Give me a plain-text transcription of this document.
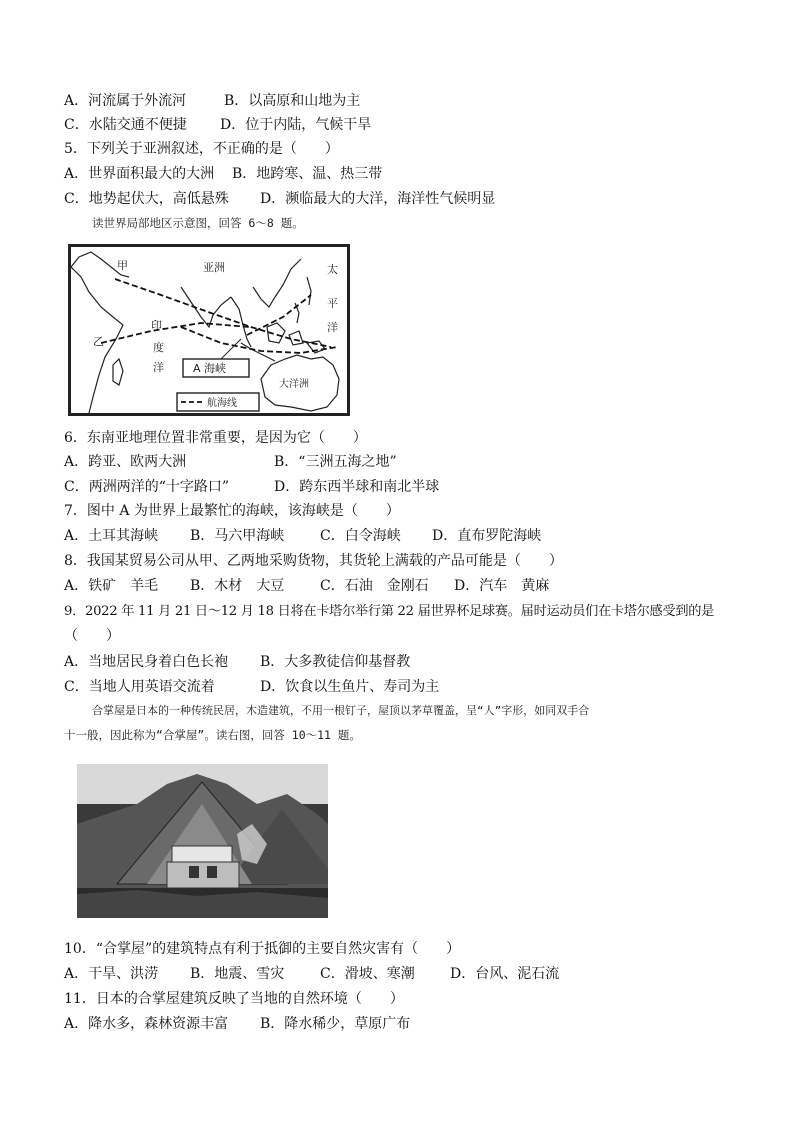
A．河流属于外流河	B．以高原和山地为主
C．水陆交通不便捷	D．位于内陆，气候干旱
5．下列关于亚洲叙述，不正确的是（　　）
A．世界面积最大的大洲	B．地跨寒、温、热三带
C．地势起伏大，高低悬殊	D．濒临最大的大洋，海洋性气候明显
读世界局部地区示意图，回答 6～8 题。
甲	亚洲	太
平
洋
乙
印
度
洋
大洋洲
A 海峡
航海线
6．东南亚地理位置非常重要，是因为它（　　）
A．跨亚、欧两大洲	B．“三洲五海之地”
C．两洲两洋的“十字路口”	D．跨东西半球和南北半球
7．图中 A 为世界上最繁忙的海峡，该海峡是（　　）
A．土耳其海峡	B．马六甲海峡	C．白令海峡	D．直布罗陀海峡
8．我国某贸易公司从甲、乙两地采购货物，其货轮上满载的产品可能是（　　）
A．铁矿　羊毛	B．木材　大豆	C．石油　金刚石	D．汽车　黄麻
9．2022 年 11 月 21 日～12 月 18 日将在卡塔尔举行第 22 届世界杯足球赛。届时运动员们在卡塔尔感受到的是
（　　）
A．当地居民身着白色长袍	B．大多教徒信仰基督教
C．当地人用英语交流着	D．饮食以生鱼片、寿司为主
合掌屋是日本的一种传统民居，木造建筑，不用一根钉子，屋顶以茅草覆盖，呈“人”字形，如同双手合
十一般，因此称为“合掌屋”。读右图，回答 10～11 题。
10．“合掌屋”的建筑特点有利于抵御的主要自然灾害有（　　）
A．干旱、洪涝	B．地震、雪灾	C．滑坡、寒潮	D．台风、泥石流
11．日本的合掌屋建筑反映了当地的自然环境（　　）
A．降水多，森林资源丰富	B．降水稀少，草原广布
